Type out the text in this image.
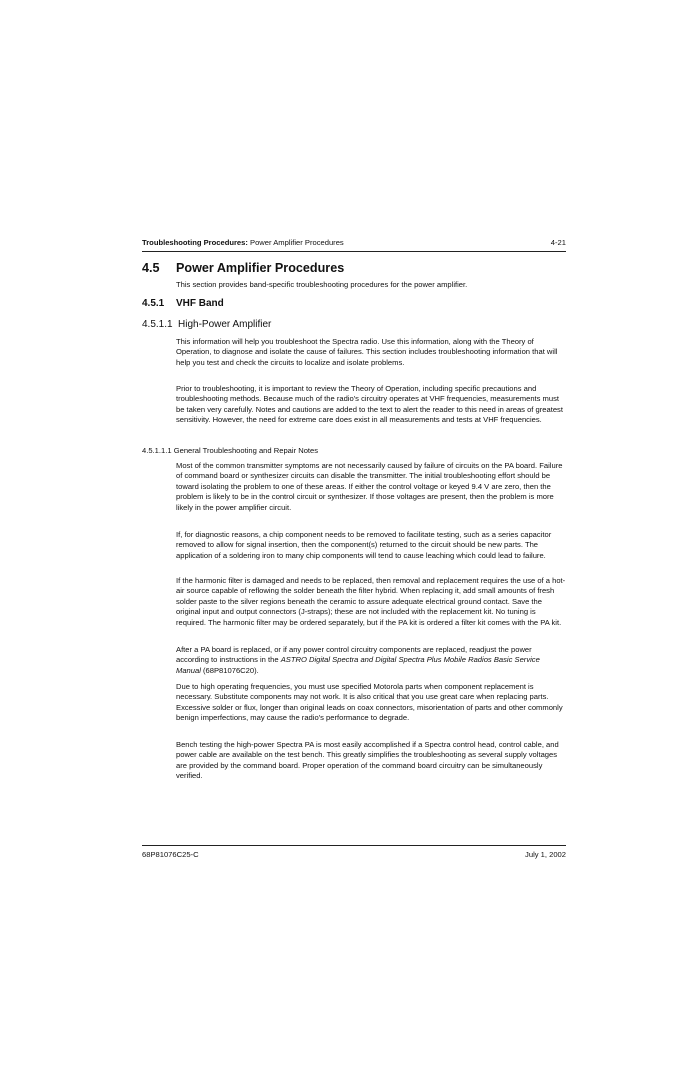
Troubleshooting Procedures: Power Amplifier Procedures	4-21
4.5 Power Amplifier Procedures

This section provides band-specific troubleshooting procedures for the power amplifier.

4.5.1 VHF Band
4.5.1.1 High-Power Amplifier

This information will help you troubleshoot the Spectra radio. Use this information, along with the Theory of Operation, to diagnose and isolate the cause of failures. This section includes troubleshooting information that will help you test and check the circuits to localize and isolate problems.

Prior to troubleshooting, it is important to review the Theory of Operation, including specific precautions and troubleshooting methods. Because much of the radio's circuitry operates at VHF frequencies, measurements must be taken very carefully. Notes and cautions are added to the text to alert the reader to this need in areas of greatest sensitivity. However, the need for extreme care does exist in all measurements and tests at VHF frequencies.

4.5.1.1.1 General Troubleshooting and Repair Notes

Most of the common transmitter symptoms are not necessarily caused by failure of circuits on the PA board. Failure of command board or synthesizer circuits can disable the transmitter. The initial troubleshooting effort should be toward isolating the problem to one of these areas. If either the control voltage or keyed 9.4 V are zero, then the problem is likely to be in the control circuit or synthesizer. If those voltages are present, then the problem is more likely in the power amplifier circuit.

If, for diagnostic reasons, a chip component needs to be removed to facilitate testing, such as a series capacitor removed to allow for signal insertion, then the component(s) returned to the circuit should be new parts. The application of a soldering iron to many chip components will tend to cause leaching which could lead to failure.

If the harmonic filter is damaged and needs to be replaced, then removal and replacement requires the use of a hot-air source capable of reflowing the solder beneath the filter hybrid. When replacing it, add small amounts of fresh solder paste to the silver regions beneath the ceramic to assure adequate electrical ground contact. Save the original input and output connectors (J-straps); these are not included with the replacement kit. No tuning is required. The harmonic filter may be ordered separately, but if the PA kit is ordered a filter kit comes with the PA kit.

After a PA board is replaced, or if any power control circuitry components are replaced, readjust the power according to instructions in the ASTRO Digital Spectra and Digital Spectra Plus Mobile Radios Basic Service Manual (68P81076C20).

Due to high operating frequencies, you must use specified Motorola parts when component replacement is necessary. Substitute components may not work. It is also critical that you use great care when replacing parts. Excessive solder or flux, longer than original leads on coax connectors, misorientation of parts and other commonly benign imperfections, may cause the radio's performance to degrade.

Bench testing the high-power Spectra PA is most easily accomplished if a Spectra control head, control cable, and power cable are available on the test bench. This greatly simplifies the troubleshooting as several supply voltages are provided by the command board. Proper operation of the command board circuitry can be simultaneously verified.

68P81076C25-C	July 1, 2002
